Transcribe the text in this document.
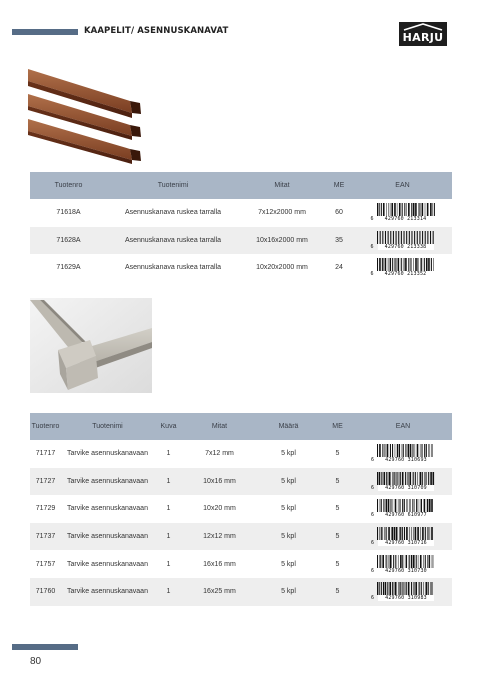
KAAPELIT/ ASENNUSKANAVAT	HARJU
Tuotenro	Tuotenimi	Mitat	ME	EAN
71618A	Asennuskanava ruskea tarralla	7x12x2000 mm	60	6 429760 213314

71628A	Asennuskanava ruskea tarralla	10x16x2000 mm	35	6 429760 213338

71629A	Asennuskanava ruskea tarralla	10x20x2000 mm	24	6 429760 213352
Tuotenro	Tuotenimi	Kuva	Mitat	Määrä	ME	EAN
71717	Tarvike asennuskanavaan	1	7x12 mm	5 kpl	5	6 429760 310693

71727	Tarvike asennuskanavaan	1	10x16 mm	5 kpl	5	6 429760 310709

71729	Tarvike asennuskanavaan	1	10x20 mm	5 kpl	5	6 429760 610977

71737	Tarvike asennuskanavaan	1	12x12 mm	5 kpl	5	6 429760 310716

71757	Tarvike asennuskanavaan	1	16x16 mm	5 kpl	5	6 429760 310730

71760	Tarvike asennuskanavaan	1	16x25 mm	5 kpl	5	6 429760 310983
80
